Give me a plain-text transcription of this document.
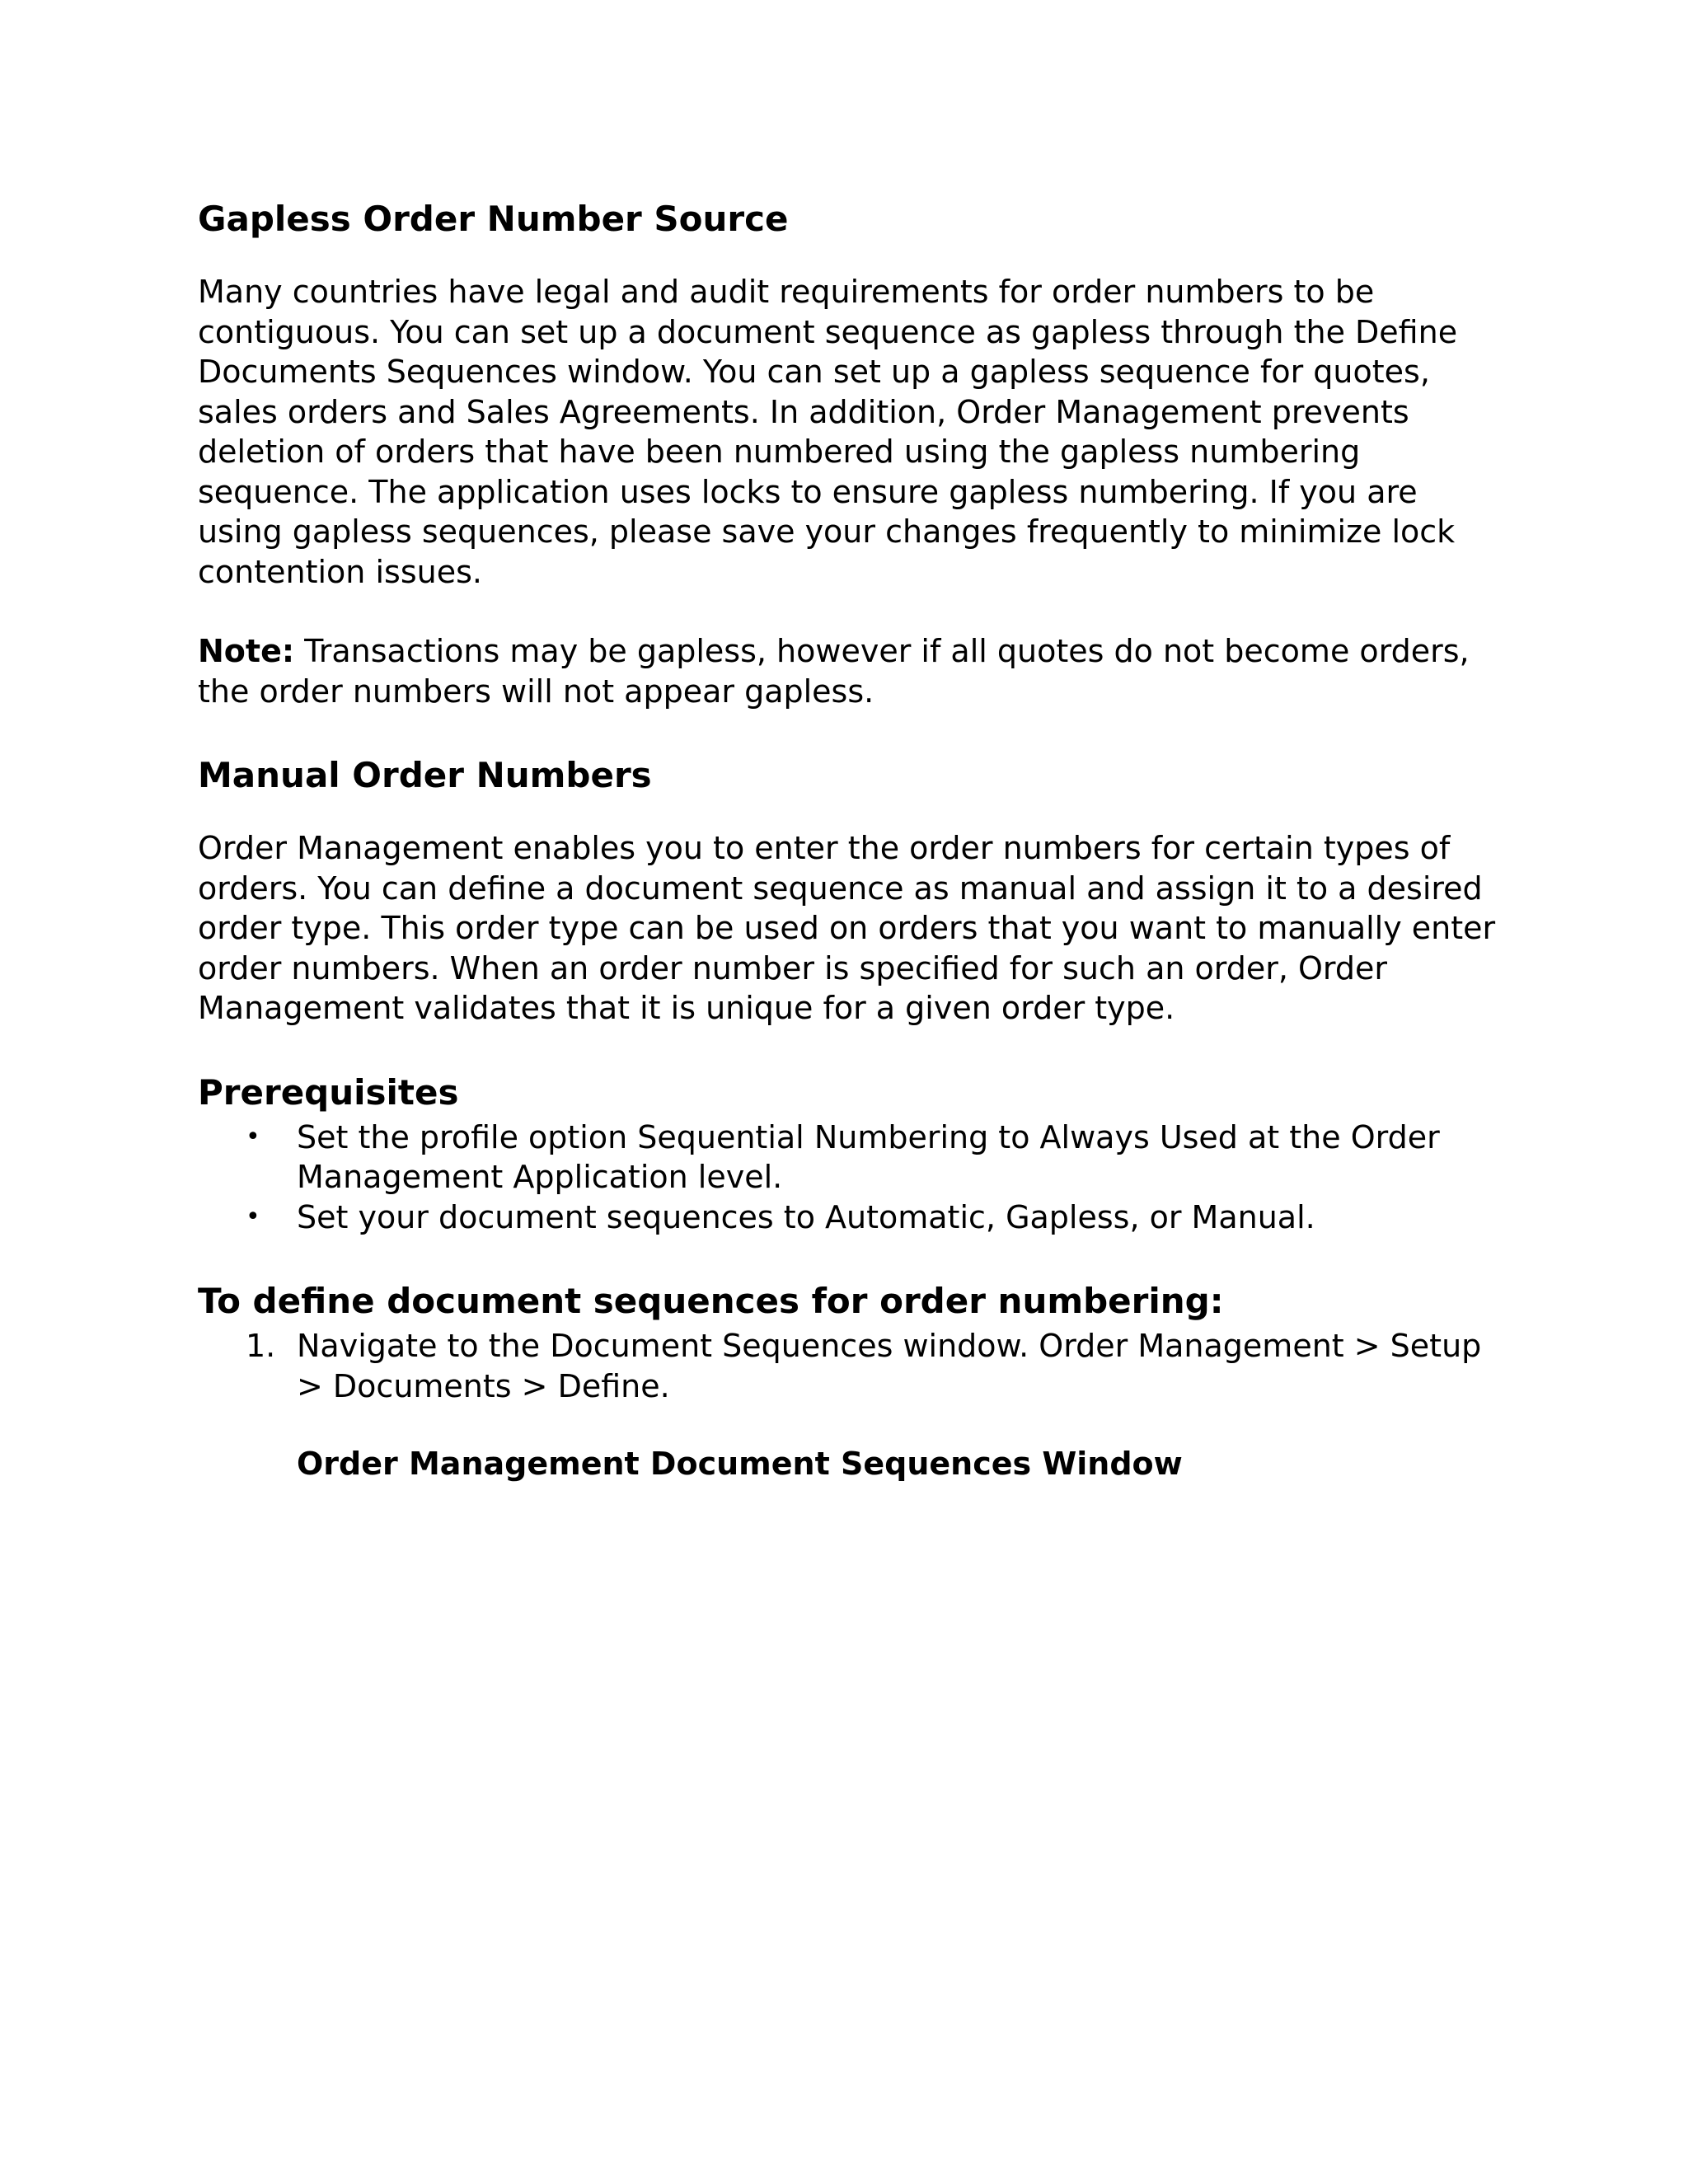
Gapless Order Number Source

Many countries have legal and audit requirements for order numbers to be contiguous. You can set up a document sequence as gapless through the Define Documents Sequences window. You can set up a gapless sequence for quotes, sales orders and Sales Agreements. In addition, Order Management prevents deletion of orders that have been numbered using the gapless numbering sequence. The application uses locks to ensure gapless numbering. If you are using gapless sequences, please save your changes frequently to minimize lock contention issues.

Note: Transactions may be gapless, however if all quotes do not become orders, the order numbers will not appear gapless.

Manual Order Numbers

Order Management enables you to enter the order numbers for certain types of orders. You can define a document sequence as manual and assign it to a desired order type. This order type can be used on orders that you want to manually enter order numbers. When an order number is specified for such an order, Order Management validates that it is unique for a given order type.

Prerequisites
• Set the profile option Sequential Numbering to Always Used at the Order Management Application level.
• Set your document sequences to Automatic, Gapless, or Manual.
To define document sequences for order numbering:
1. Navigate to the Document Sequences window. Order Management > Setup > Documents > Define.
Order Management Document Sequences Window
